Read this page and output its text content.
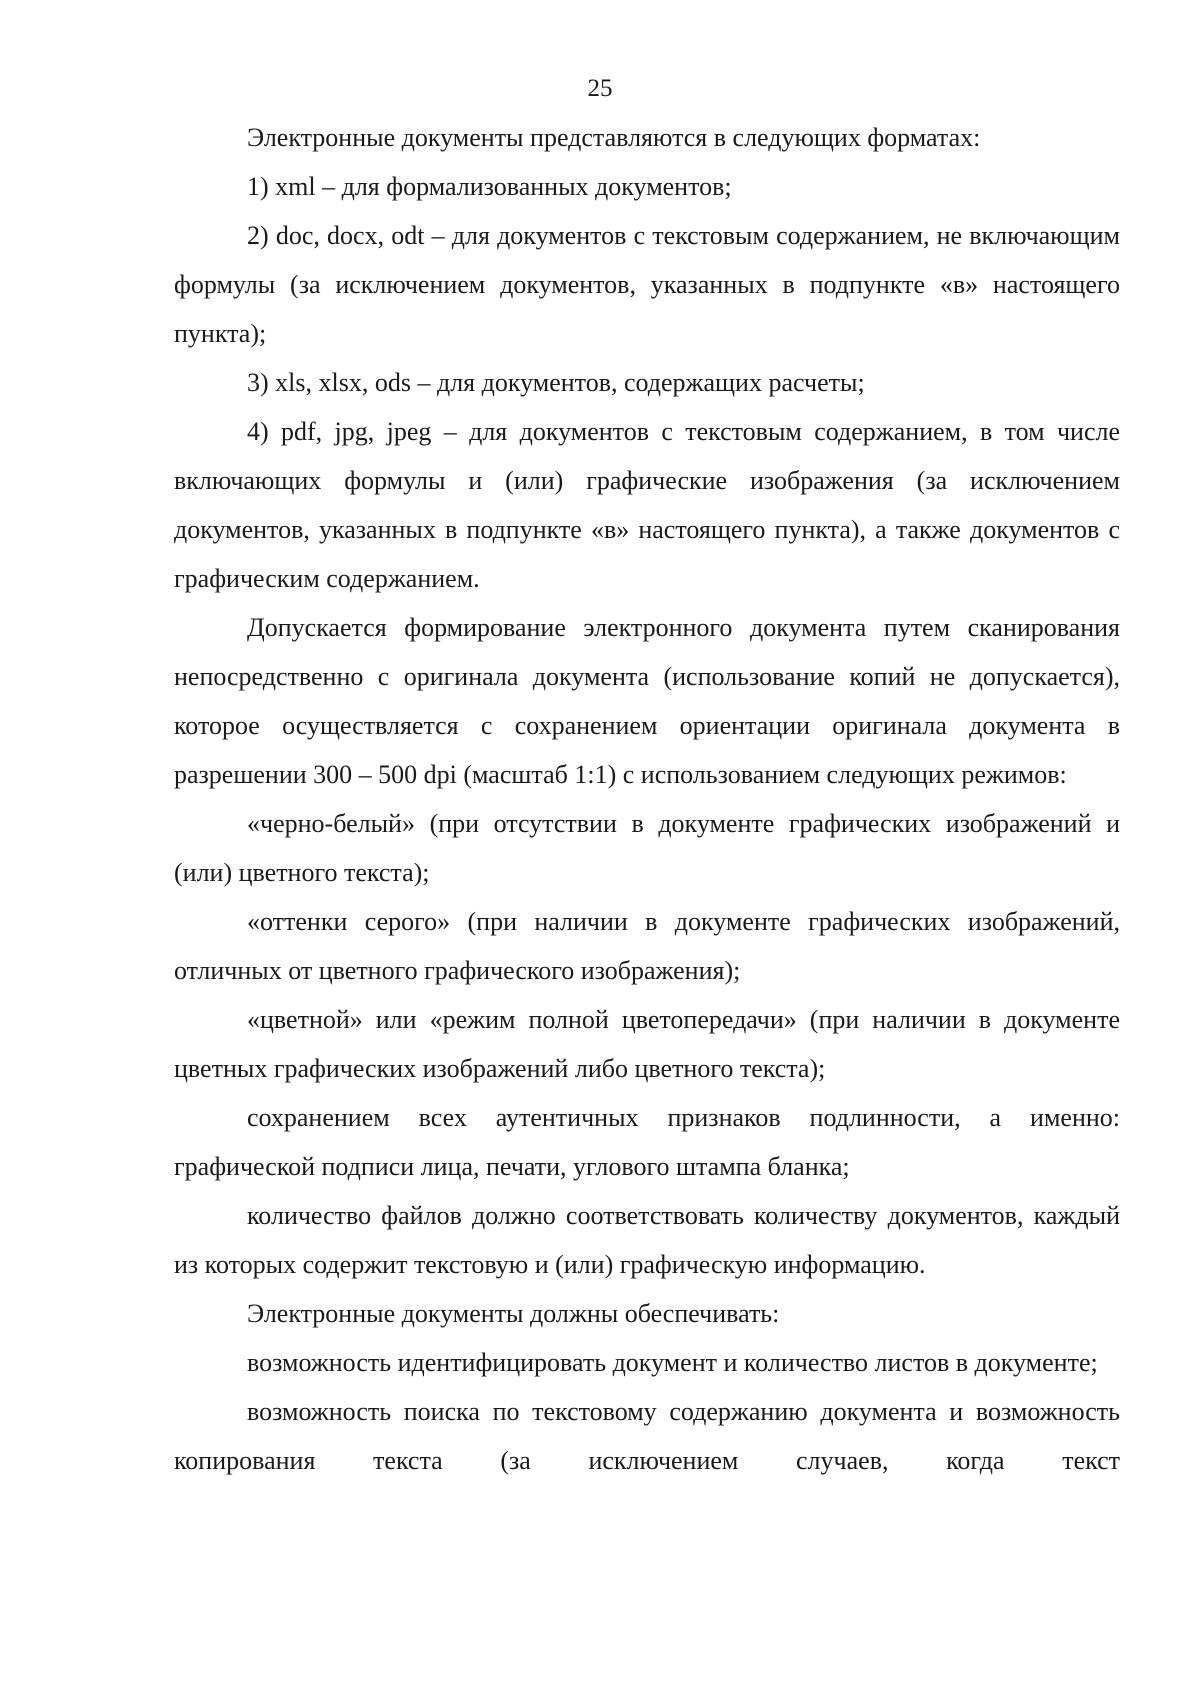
25

Электронные документы представляются в следующих форматах:

1) xml – для формализованных документов;

2) doc, docx, odt – для документов с текстовым содержанием, не включающим формулы (за исключением документов, указанных в подпункте «в» настоящего пункта);

3) xls, xlsx, ods – для документов, содержащих расчеты;

4) pdf, jpg, jpeg – для документов с текстовым содержанием, в том числе включающих формулы и (или) графические изображения (за исключением документов, указанных в подпункте «в» настоящего пункта), а также документов с графическим содержанием.

Допускается формирование электронного документа путем сканирования непосредственно с оригинала документа (использование копий не допускается), которое осуществляется с сохранением ориентации оригинала документа в разрешении 300 – 500 dpi (масштаб 1:1) с использованием следующих режимов:

«черно-белый» (при отсутствии в документе графических изображений и (или) цветного текста);

«оттенки серого» (при наличии в документе графических изображений, отличных от цветного графического изображения);

«цветной» или «режим полной цветопередачи» (при наличии в документе цветных графических изображений либо цветного текста);

сохранением всех аутентичных признаков подлинности, а именно: графической подписи лица, печати, углового штампа бланка;

количество файлов должно соответствовать количеству документов, каждый из которых содержит текстовую и (или) графическую информацию.

Электронные документы должны обеспечивать:

возможность идентифицировать документ и количество листов в документе;

возможность поиска по текстовому содержанию документа и возможность копирования текста (за исключением случаев, когда текст
